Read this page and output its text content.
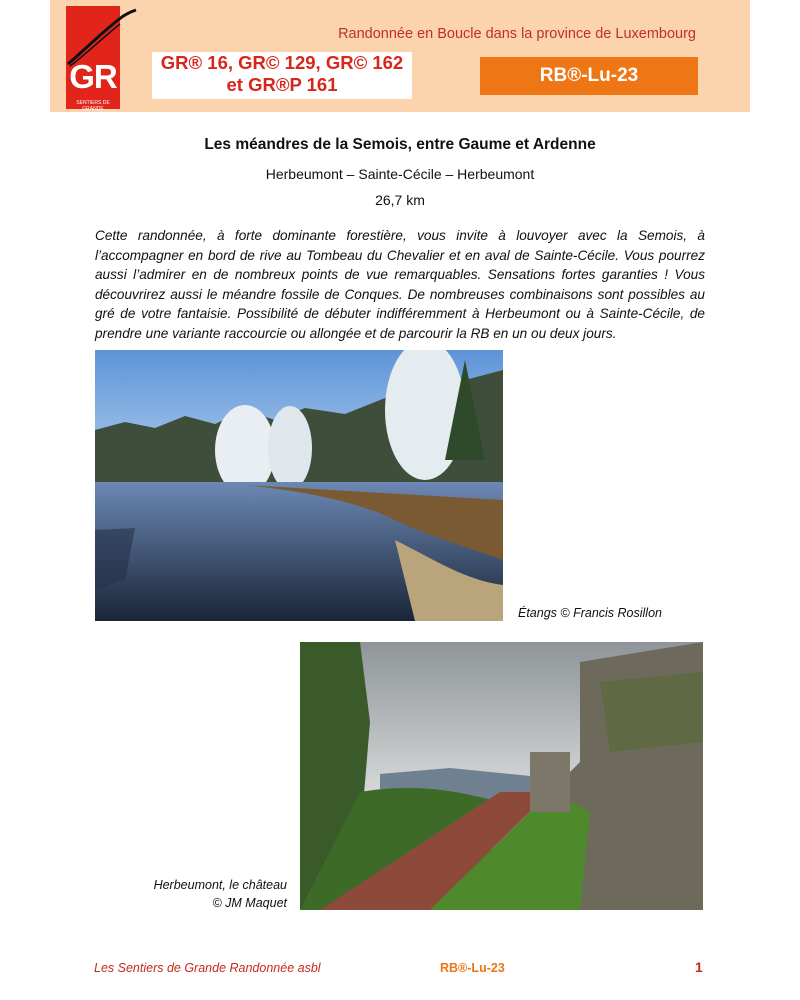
GR
SENTIERS DE GRANDE RANDONNÉE
Randonnée en Boucle dans la province de Luxembourg
GR® 16, GR© 129, GR© 162
et GR®P 161	RB®-Lu-23
Les méandres de la Semois, entre Gaume et Ardenne
Herbeumont – Sainte-Cécile – Herbeumont
26,7 km
Cette randonnée, à forte dominante forestière, vous invite à louvoyer avec la Semois, à l’accompagner en bord de rive au Tombeau du Chevalier et en aval de Sainte-Cécile. Vous pourrez aussi l’admirer en de nombreux points de vue remarquables. Sensations fortes garanties ! Vous découvrirez aussi le méandre fossile de Conques. De nombreuses combinaisons sont possibles au gré de votre fantaisie. Possibilité de débuter indifféremment à Herbeumont ou à Sainte-Cécile, de prendre une variante raccourcie ou allongée et de parcourir la RB en un ou deux jours.
Étangs © Francis Rosillon
Herbeumont, le château
© JM Maquet
Les Sentiers de Grande Randonnée asbl	RB®-Lu-23	1
